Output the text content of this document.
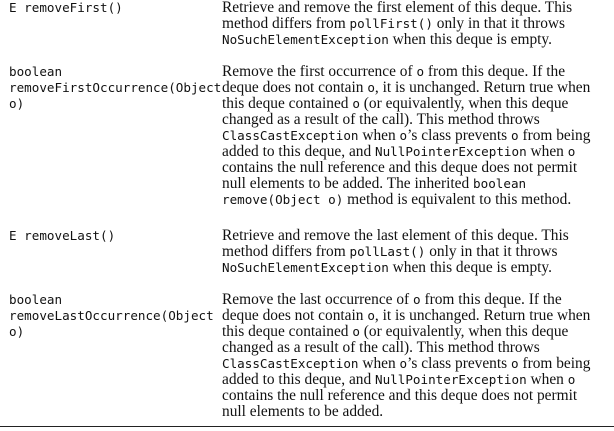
E removeFirst()	Retrieve and remove the first element of this deque. This
method differs from pollFirst() only in that it throws
NoSuchElementException when this deque is empty.
boolean
removeFirstOccurrence(Object
o)
Remove the first occurrence of o from this deque. If the
deque does not contain o, it is unchanged. Return true when
this deque contained o (or equivalently, when this deque
changed as a result of the call). This method throws
ClassCastException when o’s class prevents o from being
added to this deque, and NullPointerException when o
contains the null reference and this deque does not permit
null elements to be added. The inherited boolean
remove(Object o) method is equivalent to this method.
E removeLast()	Retrieve and remove the last element of this deque. This
method differs from pollLast() only in that it throws
NoSuchElementException when this deque is empty.
boolean
removeLastOccurrence(Object
o)
Remove the last occurrence of o from this deque. If the
deque does not contain o, it is unchanged. Return true when
this deque contained o (or equivalently, when this deque
changed as a result of the call). This method throws
ClassCastException when o’s class prevents o from being
added to this deque, and NullPointerException when o
contains the null reference and this deque does not permit
null elements to be added.
